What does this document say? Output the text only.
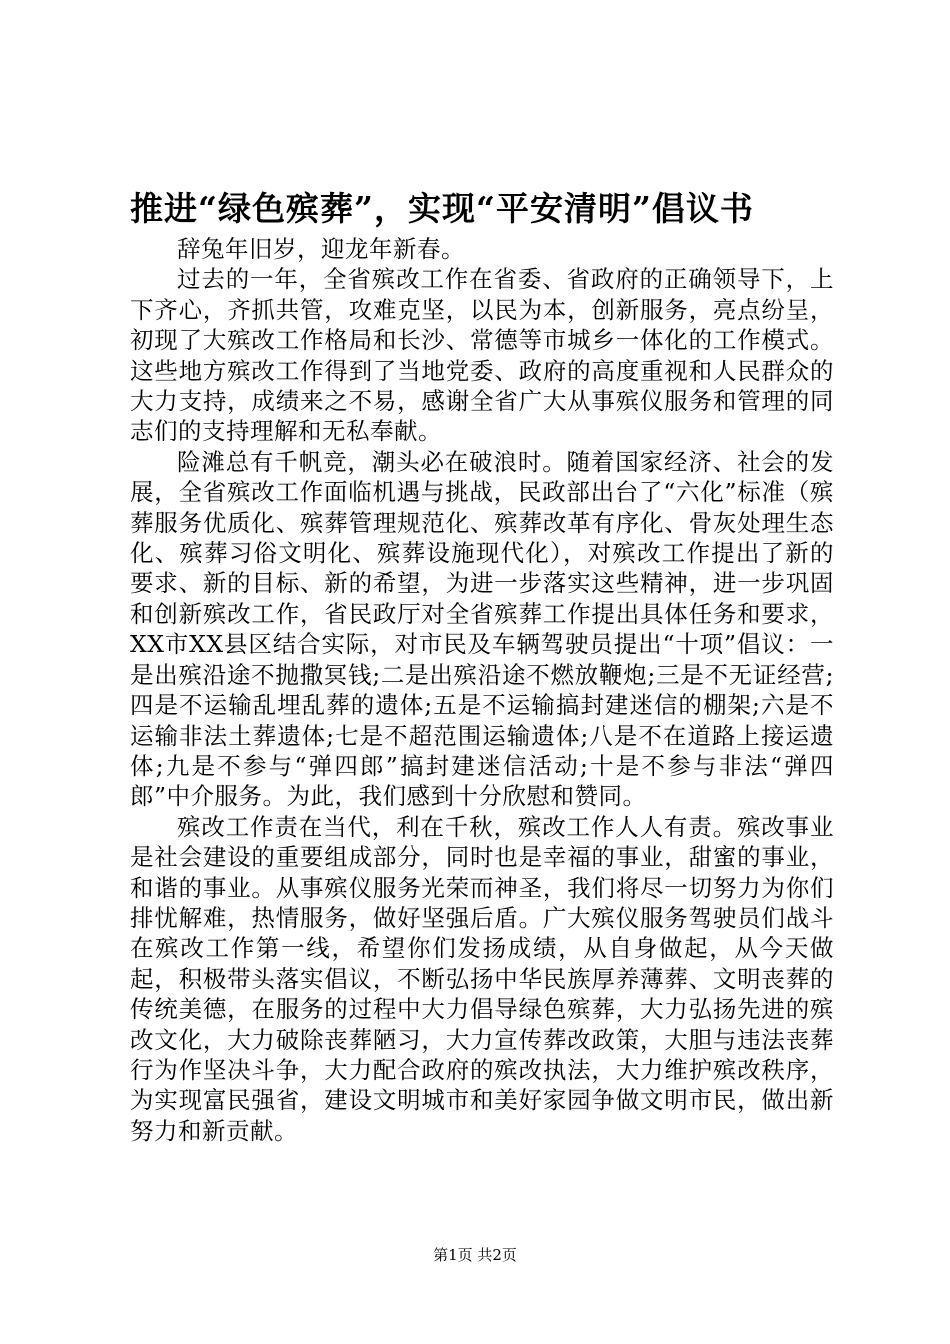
推进“绿色殡葬”，实现“平安清明”倡议书

辞兔年旧岁，迎龙年新春。

过去的一年，全省殡改工作在省委、省政府的正确领导下，上下齐心，齐抓共管，攻难克坚，以民为本，创新服务，亮点纷呈，初现了大殡改工作格局和长沙、常德等市城乡一体化的工作模式。这些地方殡改工作得到了当地党委、政府的高度重视和人民群众的大力支持，成绩来之不易，感谢全省广大从事殡仪服务和管理的同志们的支持理解和无私奉献。

险滩总有千帆竞，潮头必在破浪时。随着国家经济、社会的发展，全省殡改工作面临机遇与挑战，民政部出台了“六化”标准（殡葬服务优质化、殡葬管理规范化、殡葬改革有序化、骨灰处理生态化、殡葬习俗文明化、殡葬设施现代化），对殡改工作提出了新的要求、新的目标、新的希望，为进一步落实这些精神，进一步巩固和创新殡改工作，省民政厅对全省殡葬工作提出具体任务和要求，XX市XX县区结合实际，对市民及车辆驾驶员提出“十项”倡议：一是出殡沿途不抛撒冥钱;二是出殡沿途不燃放鞭炮;三是不无证经营;四是不运输乱埋乱葬的遗体;五是不运输搞封建迷信的棚架;六是不运输非法土葬遗体;七是不超范围运输遗体;八是不在道路上接运遗体;九是不参与“弹四郎”搞封建迷信活动;十是不参与非法“弹四郎”中介服务。为此，我们感到十分欣慰和赞同。

殡改工作责在当代，利在千秋，殡改工作人人有责。殡改事业是社会建设的重要组成部分，同时也是幸福的事业，甜蜜的事业，和谐的事业。从事殡仪服务光荣而神圣，我们将尽一切努力为你们排忧解难，热情服务，做好坚强后盾。广大殡仪服务驾驶员们战斗在殡改工作第一线，希望你们发扬成绩，从自身做起，从今天做起，积极带头落实倡议，不断弘扬中华民族厚养薄葬、文明丧葬的传统美德，在服务的过程中大力倡导绿色殡葬，大力弘扬先进的殡改文化，大力破除丧葬陋习，大力宣传葬改政策，大胆与违法丧葬行为作坚决斗争，大力配合政府的殡改执法，大力维护殡改秩序，为实现富民强省，建设文明城市和美好家园争做文明市民，做出新努力和新贡献。

第1页 共2页
